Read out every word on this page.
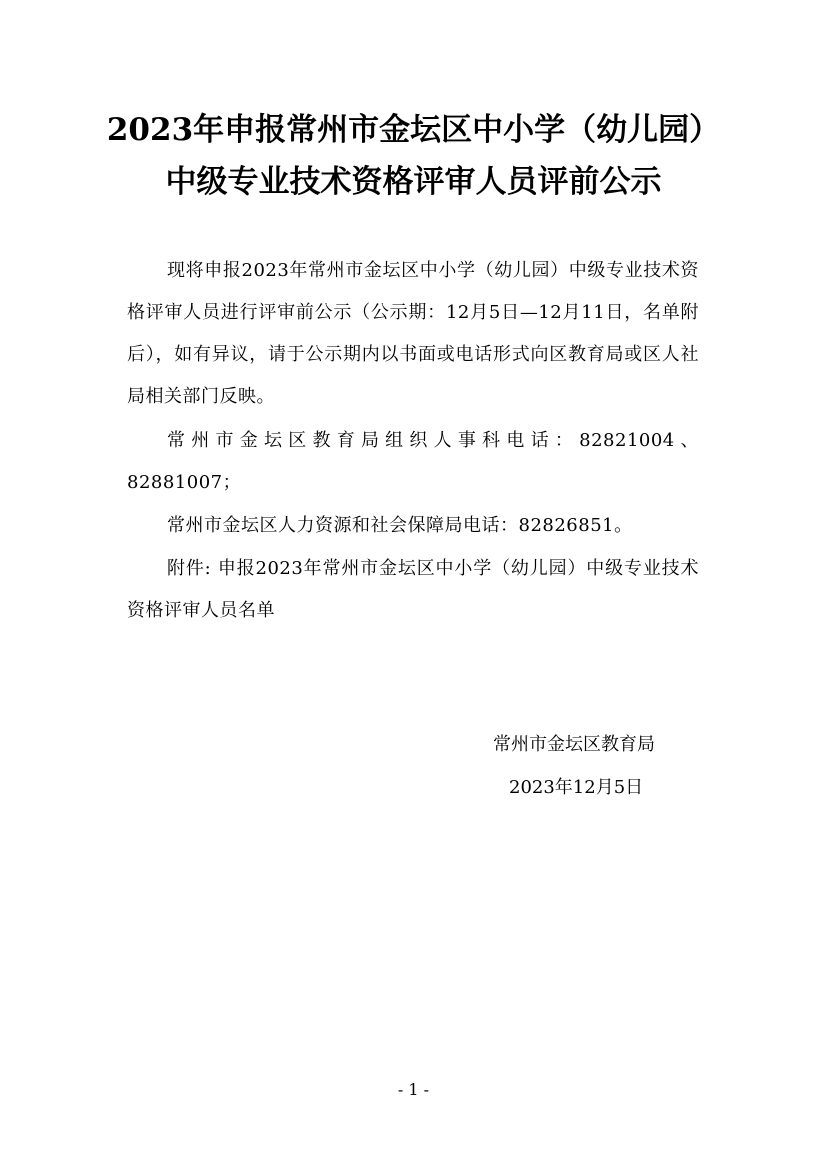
2023年申报常州市金坛区中小学（幼儿园）
中级专业技术资格评审人员评前公示

现将申报2023年常州市金坛区中小学（幼儿园）中级专业技术资格评审人员进行评审前公示（公示期：12月5日—12月11日，名单附后），如有异议，请于公示期内以书面或电话形式向区教育局或区人社局相关部门反映。

常州市金坛区教育局组织人事科电话：82821004、82881007；

常州市金坛区人力资源和社会保障局电话：82826851。

附件: 申报2023年常州市金坛区中小学（幼儿园）中级专业技术资格评审人员名单

常州市金坛区教育局

2023年12月5日

- 1 -
